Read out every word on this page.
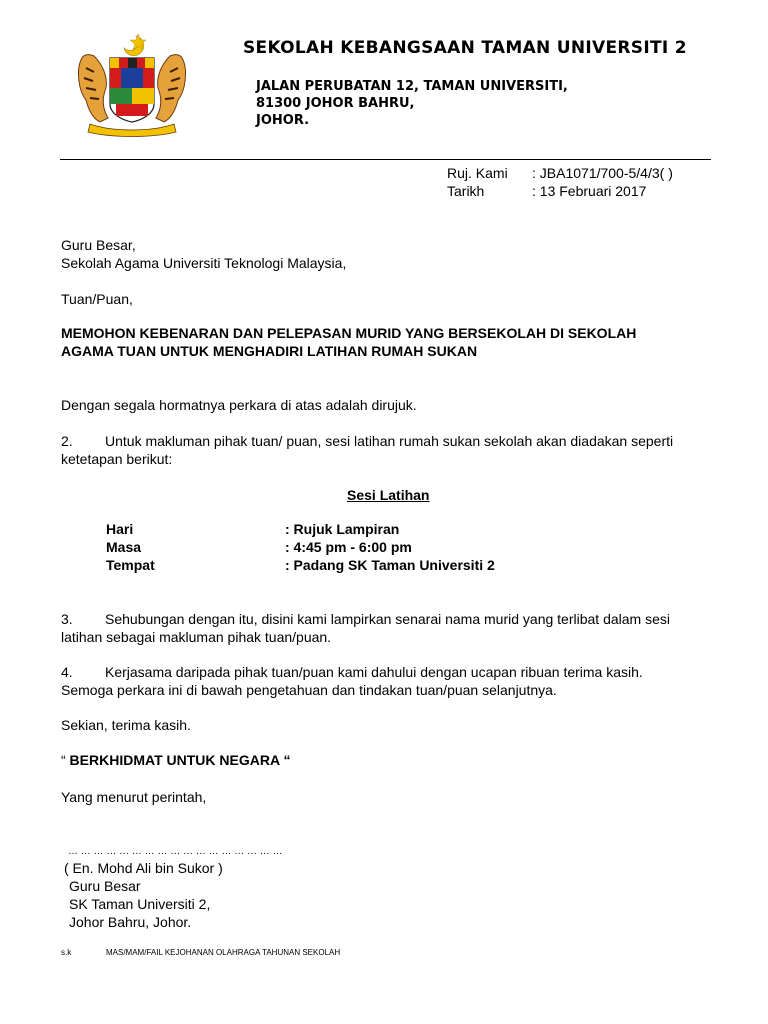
SEKOLAH KEBANGSAAN TAMAN UNIVERSITI 2
JALAN PERUBATAN 12, TAMAN UNIVERSITI,
81300 JOHOR BAHRU,
JOHOR.
Ruj. Kami : JBA1071/700-5/4/3( )
Tarikh	: 13 Februari 2017
Guru Besar,
Sekolah Agama Universiti Teknologi Malaysia,
Tuan/Puan,
MEMOHON KEBENARAN DAN PELEPASAN MURID YANG BERSEKOLAH DI SEKOLAH
AGAMA TUAN UNTUK MENGHADIRI LATIHAN RUMAH SUKAN
Dengan segala hormatnya perkara di atas adalah dirujuk.
2. Untuk makluman pihak tuan/ puan, sesi latihan rumah sukan sekolah akan diadakan seperti
ketetapan berikut:
Sesi Latihan
Hari	: Rujuk Lampiran
Masa	: 4:45 pm - 6:00 pm
Tempat	: Padang SK Taman Universiti 2
3. Sehubungan dengan itu, disini kami lampirkan senarai nama murid yang terlibat dalam sesi
latihan sebagai makluman pihak tuan/puan.
4. Kerjasama daripada pihak tuan/puan kami dahului dengan ucapan ribuan terima kasih.
Semoga perkara ini di bawah pengetahuan dan tindakan tuan/puan selanjutnya.
Sekian, terima kasih.
“ BERKHIDMAT UNTUK NEGARA “
Yang menurut perintah,
… … … … … … … … … … … … … … … … …
( En. Mohd Ali bin Sukor )
Guru Besar
SK Taman Universiti 2,
Johor Bahru, Johor.
s.k	MAS/MAM/FAIL KEJOHANAN OLAHRAGA TAHUNAN SEKOLAH
